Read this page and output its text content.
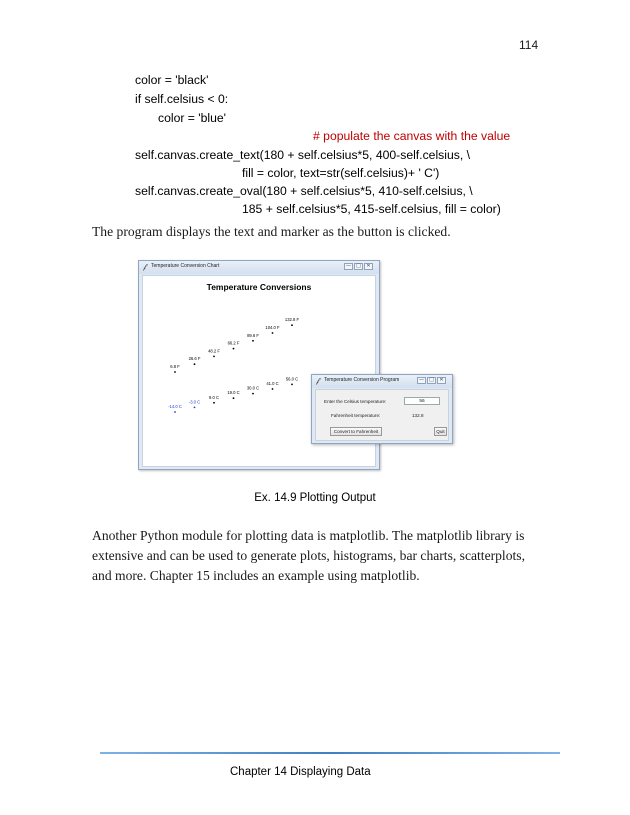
114
color = 'black'
if self.celsius < 0:
color = 'blue'
# populate the canvas with the value
self.canvas.create_text(180 + self.celsius*5, 400-self.celsius, \
fill = color, text=str(self.celsius)+ ' C')
self.canvas.create_oval(180 + self.celsius*5, 410-self.celsius, \
185 + self.celsius*5, 415-self.celsius, fill = color)
The program displays the text and marker as the button is clicked.
𝒻 Temperature Conversion Chart	—	□	✕
Temperature Conversions
6.8 F
26.6 F
48.2 F
66.2 F
89.6 F
104.0 F
132.8 F
-14.0 C
-3.0 C
9.0 C
19.0 C
30.0 C
41.0 C
56.0 C	𝒻 Temperature Conversion Program	—	□	✕
Enter the Celsius temperature:	56
Fahrenheit temperature:	132.8
Convert to Fahrenheit	Quit
Ex. 14.9 Plotting Output
Another Python module for plotting data is matplotlib. The matplotlib library is
extensive and can be used to generate plots, histograms, bar charts, scatterplots,
and more. Chapter 15 includes an example using matplotlib.
Chapter 14 Displaying Data
